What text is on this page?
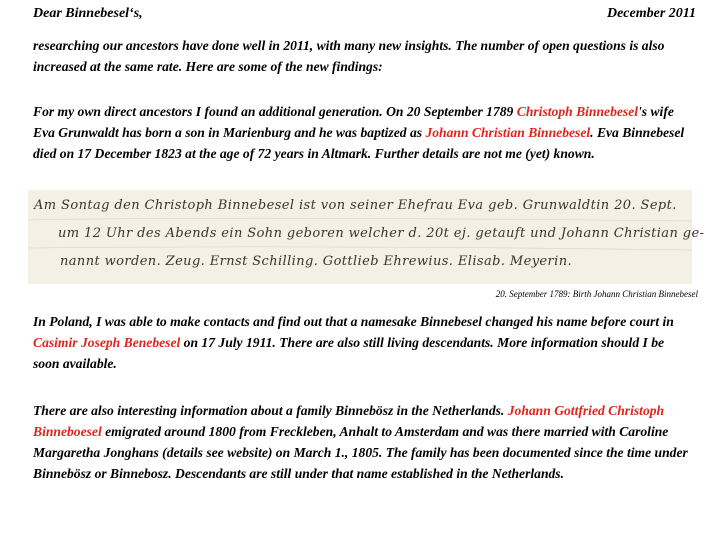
Dear Binnebesel‘s,	December 2011
researching our ancestors have done well in 2011, with many new insights. The number of open questions is also increased at the same rate. Here are some of the new findings:
For my own direct ancestors I found an additional generation. On 20 September 1789 Christoph Binnebesel's wife Eva Grunwaldt has born a son in Marienburg and he was baptized as Johann Christian Binnebesel. Eva Binnebesel died on 17 December 1823 at the age of 72 years in Altmark. Further details are not me (yet) known.
Am Sontag den Christoph Binnebesel ist von seiner Ehefrau Eva geb. Grunwaldtin 20. Sept.
um 12 Uhr des Abends ein Sohn geboren welcher d. 20t ej. getauft und Johann Christian ge-
nannt worden. Zeug. Ernst Schilling. Gottlieb Ehrewius. Elisab. Meyerin.
20. September 1789: Birth Johann Christian Binnebesel
In Poland, I was able to make contacts and find out that a namesake Binnebesel changed his name before court in Casimir Joseph Benebesel on 17 July 1911. There are also still living descendants. More information should I be soon available.
There are also interesting information about a family Binnebösz in the Netherlands. Johann Gottfried Christoph Binneboesel emigrated around 1800 from Freckleben, Anhalt to Amsterdam and was there married with Caroline Margaretha Jonghans (details see website) on March 1., 1805. The family has been documented since the time under Binnebösz or Binnebosz. Descendants are still under that name established in the Netherlands.
